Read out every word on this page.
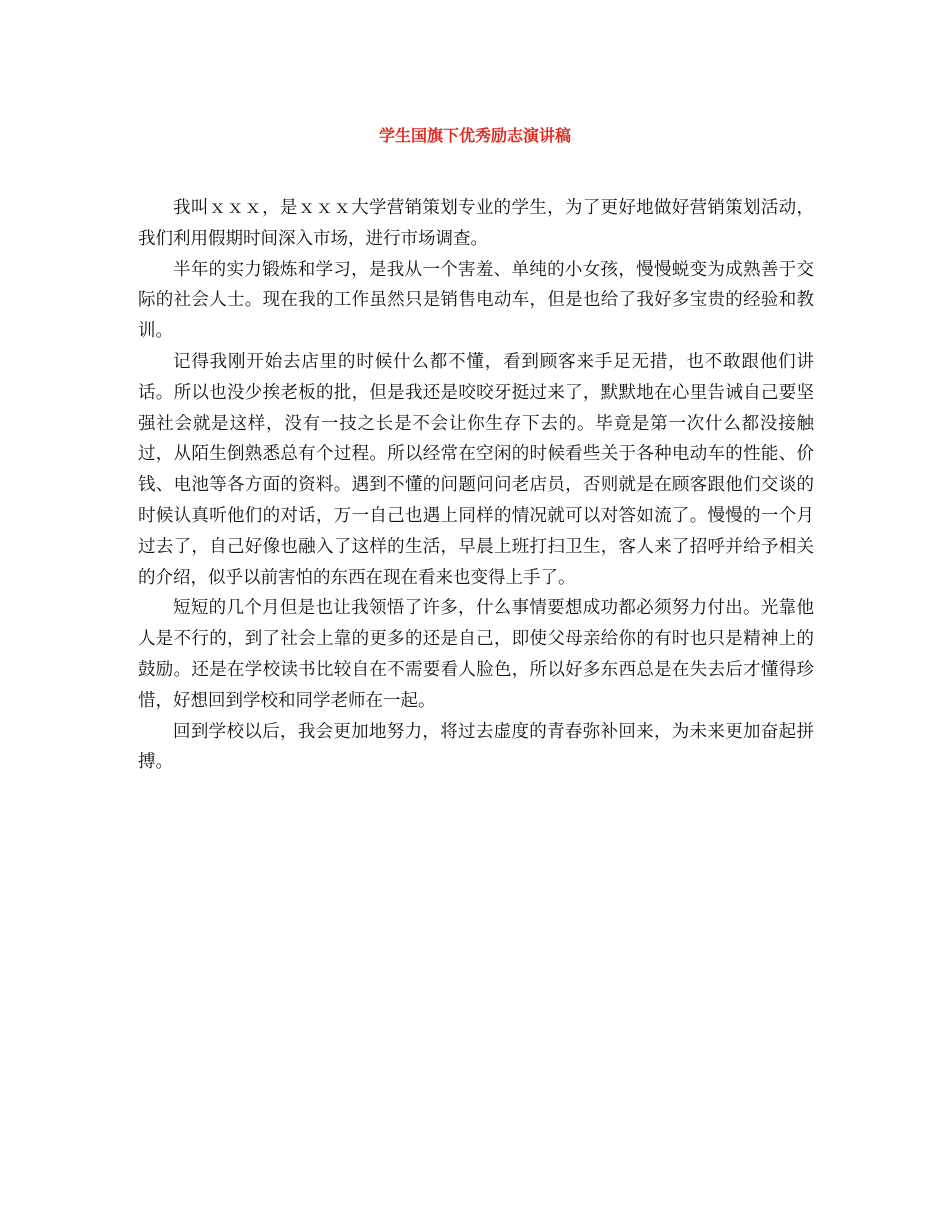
学生国旗下优秀励志演讲稿

我叫ｘｘｘ，是ｘｘｘ大学营销策划专业的学生，为了更好地做好营销策划活动，我们利用假期时间深入市场，进行市场调查。

半年的实力锻炼和学习，是我从一个害羞、单纯的小女孩，慢慢蜕变为成熟善于交际的社会人士。现在我的工作虽然只是销售电动车，但是也给了我好多宝贵的经验和教训。

记得我刚开始去店里的时候什么都不懂，看到顾客来手足无措，也不敢跟他们讲话。所以也没少挨老板的批，但是我还是咬咬牙挺过来了，默默地在心里告诫自己要坚强社会就是这样，没有一技之长是不会让你生存下去的。毕竟是第一次什么都没接触过，从陌生倒熟悉总有个过程。所以经常在空闲的时候看些关于各种电动车的性能、价钱、电池等各方面的资料。遇到不懂的问题问问老店员，否则就是在顾客跟他们交谈的时候认真听他们的对话，万一自己也遇上同样的情况就可以对答如流了。慢慢的一个月过去了，自己好像也融入了这样的生活，早晨上班打扫卫生，客人来了招呼并给予相关的介绍，似乎以前害怕的东西在现在看来也变得上手了。

短短的几个月但是也让我领悟了许多，什么事情要想成功都必须努力付出。光靠他人是不行的，到了社会上靠的更多的还是自己，即使父母亲给你的有时也只是精神上的鼓励。还是在学校读书比较自在不需要看人脸色，所以好多东西总是在失去后才懂得珍惜，好想回到学校和同学老师在一起。

回到学校以后，我会更加地努力，将过去虚度的青春弥补回来，为未来更加奋起拼搏。
